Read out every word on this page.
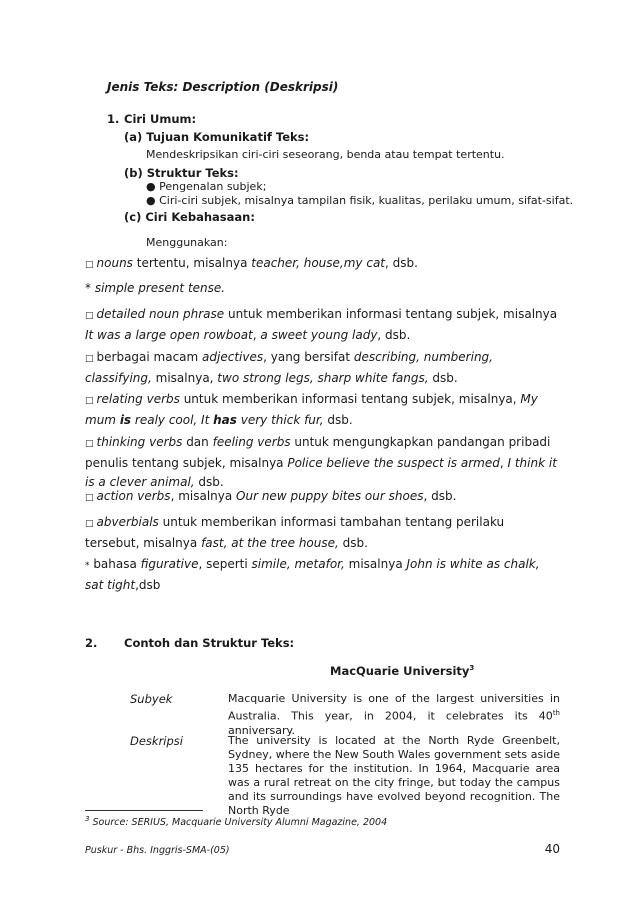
Jenis Teks: Description (Deskripsi)
1. Ciri Umum:
(a) Tujuan Komunikatif Teks:
Mendeskripsikan ciri-ciri seseorang, benda atau tempat tertentu.
(b) Struktur Teks:
● Pengenalan subjek;
● Ciri-ciri subjek, misalnya tampilan fisik, kualitas, perilaku umum, sifat-sifat.
(c) Ciri Kebahasaan:
Menggunakan:
□ nouns tertentu, misalnya teacher, house,my cat, dsb.
* simple present tense.
□ detailed noun phrase untuk memberikan informasi tentang subjek, misalnya It was a large open rowboat, a sweet young lady, dsb.
□ berbagai macam adjectives, yang bersifat describing, numbering, classifying, misalnya, two strong legs, sharp white fangs, dsb.
□ relating verbs untuk memberikan informasi tentang subjek, misalnya, My mum is realy cool, It has very thick fur, dsb.
□ thinking verbs dan feeling verbs untuk mengungkapkan pandangan pribadi penulis tentang subjek, misalnya Police believe the suspect is armed, I think it is a clever animal, dsb.
□ action verbs, misalnya Our new puppy bites our shoes, dsb.
□ abverbials untuk memberikan informasi tambahan tentang perilaku tersebut, misalnya fast, at the tree house, dsb.
* bahasa figurative, seperti simile, metafor, misalnya John is white as chalk, sat tight,dsb
2. Contoh dan Struktur Teks:
MacQuarie University$^3$
Subyek	Macquarie University is one of the largest universities in Australia. This year, in 2004, it celebrates its 40th anniversary.
Deskripsi	The university is located at the North Ryde Greenbelt, Sydney, where the New South Wales government sets aside 135 hectares for the institution. In 1964, Macquarie area was a rural retreat on the city fringe, but today the campus and its surroundings have evolved beyond recognition. The North Ryde
$^3$ Source: SERIUS, Macquarie University Alumni Magazine, 2004
Puskur - Bhs. Inggris-SMA-(05)	40
